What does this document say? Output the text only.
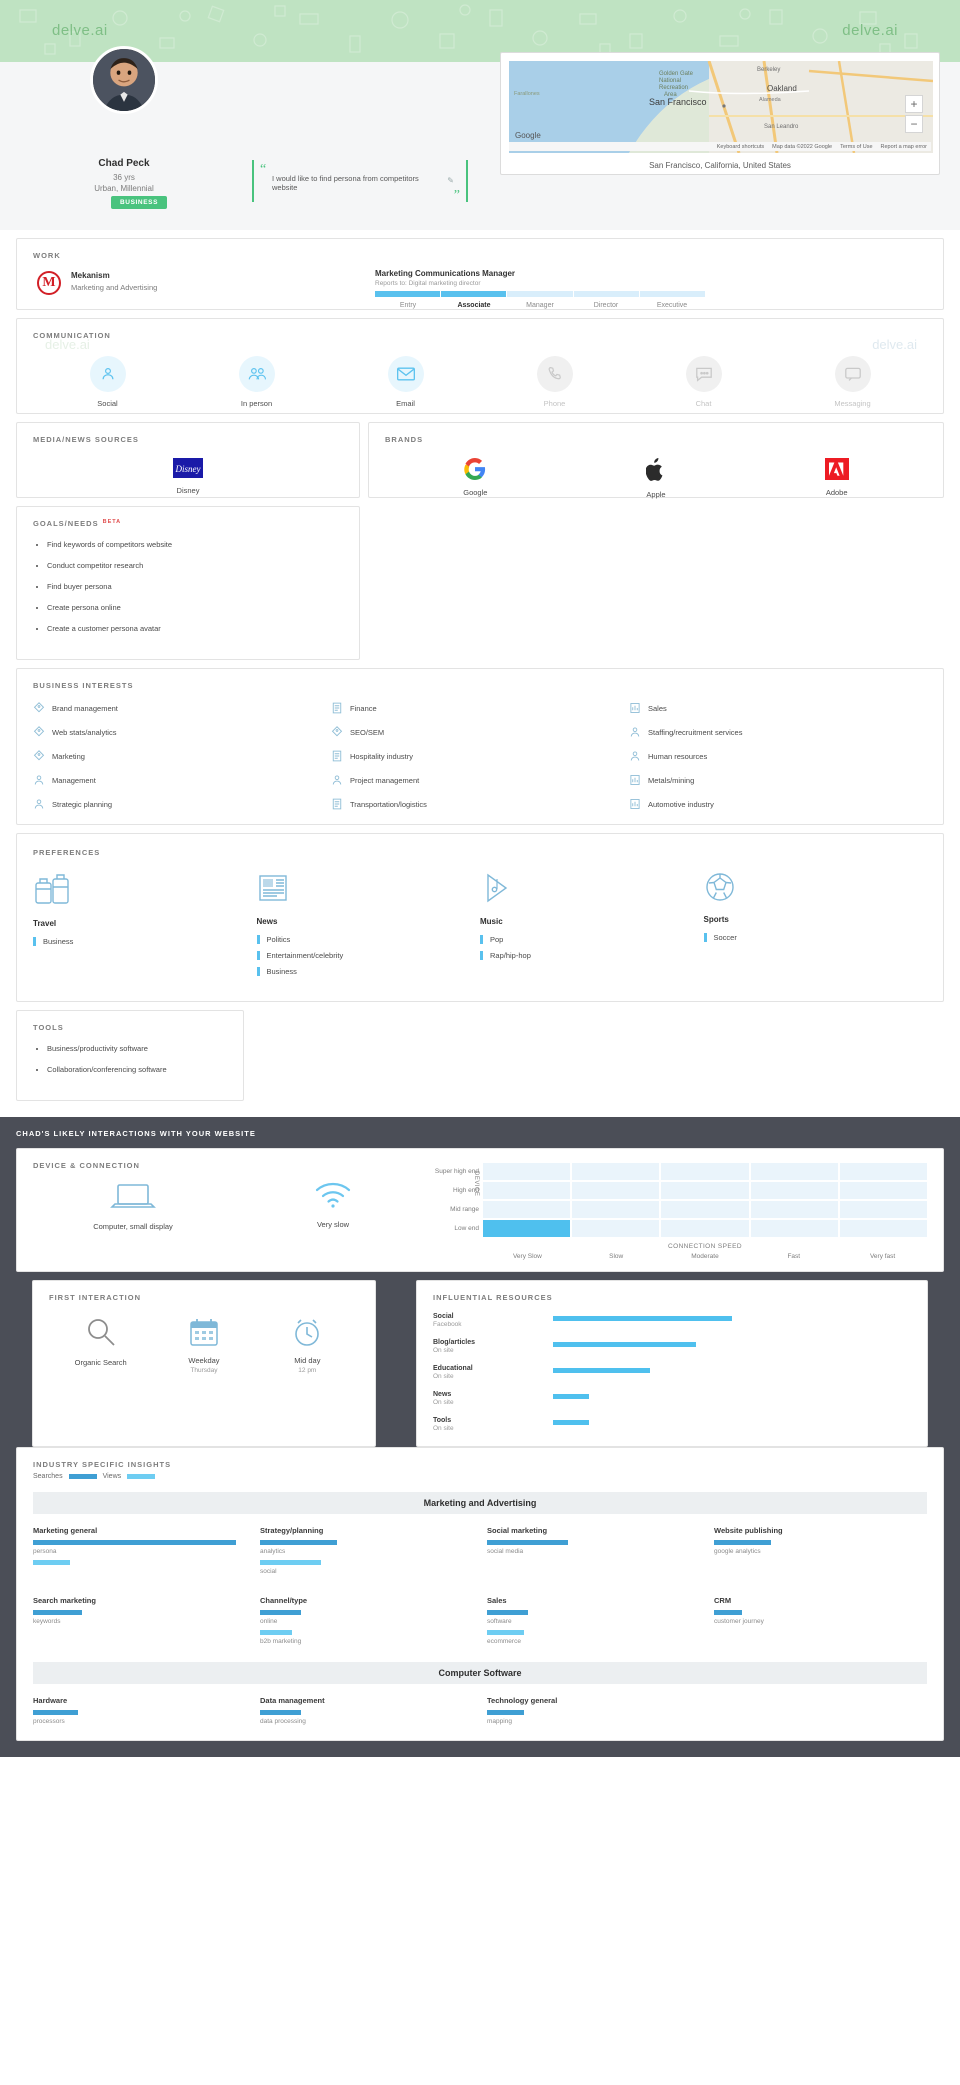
delve.ai	delve.ai
Chad Peck
36 yrs
Urban, Millennial
BUSINESS
“
”
I would like to find persona from competitors website
✎
Golden Gate
National
Recreation
Area
Berkeley
Oakland
Alameda
San Francisco
San Leandro
Farallones
Google
+
−
Keyboard shortcuts Map data ©2022 Google Terms of Use Report a map error
San Francisco, California, United States
WORK
M	Mekanism
Marketing and Advertising
Marketing Communications Manager
Reports to: Digital marketing director
Entry	Associate	Manager	Director	Executive
COMMUNICATION
delve.ai	delve.ai
Social	In person	Email	Phone	Chat	Messaging
MEDIA/NEWS SOURCES
Disney
Disney
BRANDS
Google	Apple	Adobe
GOALS/NEEDS $^{BETA}$
• Find keywords of competitors website
• Conduct competitor research
• Find buyer persona
• Create persona online
• Create a customer persona avatar
BUSINESS INTERESTS
Brand management	Finance	Sales
Web stats/analytics	SEO/SEM	Staffing/recruitment services
Marketing	Hospitality industry	Human resources
Management	Project management	Metals/mining
Strategic planning	Transportation/logistics	Automotive industry
PREFERENCES
Travel
Business
News
Politics
Entertainment/celebrity
Business
Music
Pop
Rap/hip-hop
Sports
Soccer
TOOLS
• Business/productivity software
• Collaboration/conferencing software
CHAD'S LIKELY INTERACTIONS WITH YOUR WEBSITE
DEVICE & CONNECTION
Computer, small display	Very slow
Super high end
High end
Mid range
Low end
DEVICE
CONNECTION SPEED
Very Slow	Slow	Moderate	Fast	Very fast
FIRST INTERACTION
Organic Search	Weekday
Thursday
Mid day
12 pm
INFLUENTIAL RESOURCES
Social
Facebook
Blog/articles
On site
Educational
On site
News
On site
Tools
On site
INDUSTRY SPECIFIC INSIGHTS
Searches	Views
Marketing and Advertising
Marketing general
persona
Strategy/planning
analytics
social
Social marketing
social media
Website publishing
google analytics
Search marketing
keywords
Channel/type
online
b2b marketing
Sales
software
ecommerce
CRM
customer journey
Computer Software
Hardware
processors
Data management
data processing
Technology general
mapping
